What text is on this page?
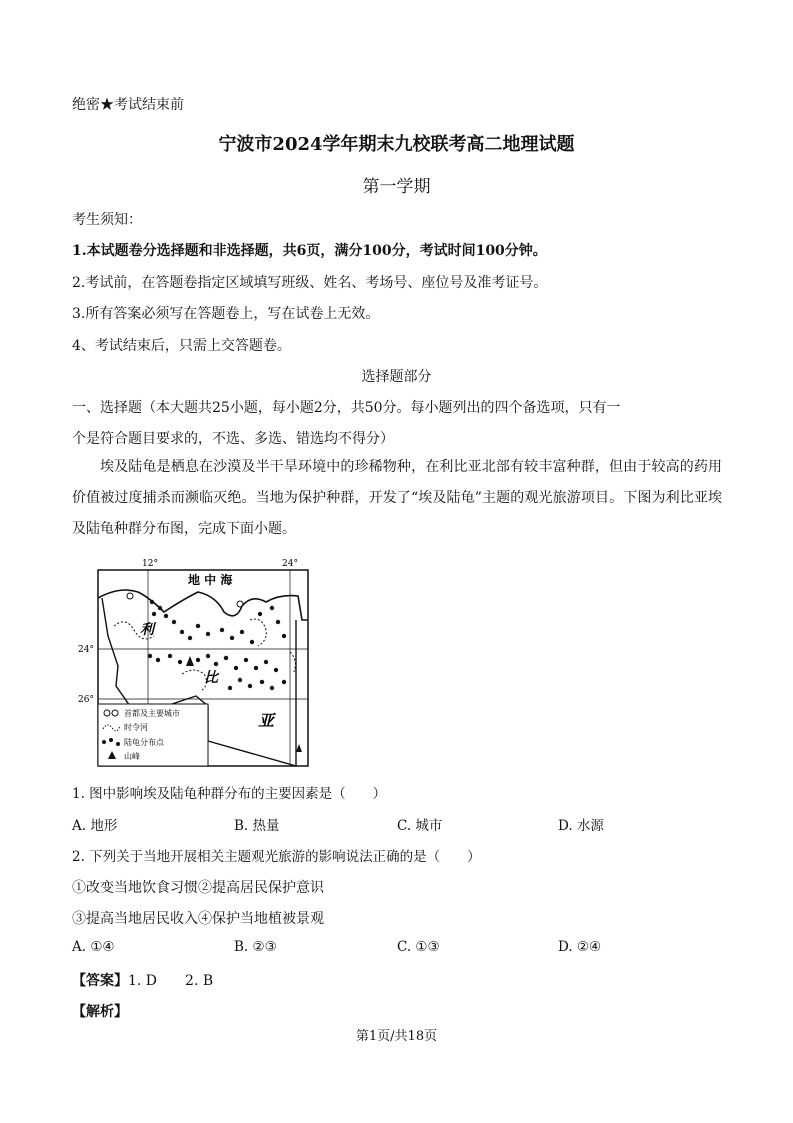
绝密★考试结束前
宁波市2024学年期末九校联考高二地理试题
第一学期
考生须知：
1.本试题卷分选择题和非选择题，共6页，满分100分，考试时间100分钟。
2.考试前，在答题卷指定区域填写班级、姓名、考场号、座位号及准考证号。
3.所有答案必须写在答题卷上，写在试卷上无效。
4、考试结束后，只需上交答题卷。
选择题部分
一、选择题（本大题共25小题，每小题2分，共50分。每小题列出的四个备选项，只有一
个是符合题目要求的，不选、多选、错选均不得分）
埃及陆龟是栖息在沙漠及半干旱环境中的珍稀物种，在利比亚北部有较丰富种群，但由于较高的药用价值被过度捕杀而濒临灭绝。当地为保护种群，开发了“埃及陆龟”主题的观光旅游项目。下图为利比亚埃及陆龟种群分布图，完成下面小题。
12°	24°
24°
26°
地 中 海
利
比
亚
首都及主要城市
时令河
陆龟分布点
山峰
1. 图中影响埃及陆龟种群分布的主要因素是（　　）
A. 地形	B. 热量	C. 城市	D. 水源
2. 下列关于当地开展相关主题观光旅游的影响说法正确的是（　　）
①改变当地饮食习惯②提高居民保护意识
③提高当地居民收入④保护当地植被景观
A. ①④	B. ②③	C. ①③	D. ②④
【答案】1. D 2. B
【解析】
第1页/共18页
